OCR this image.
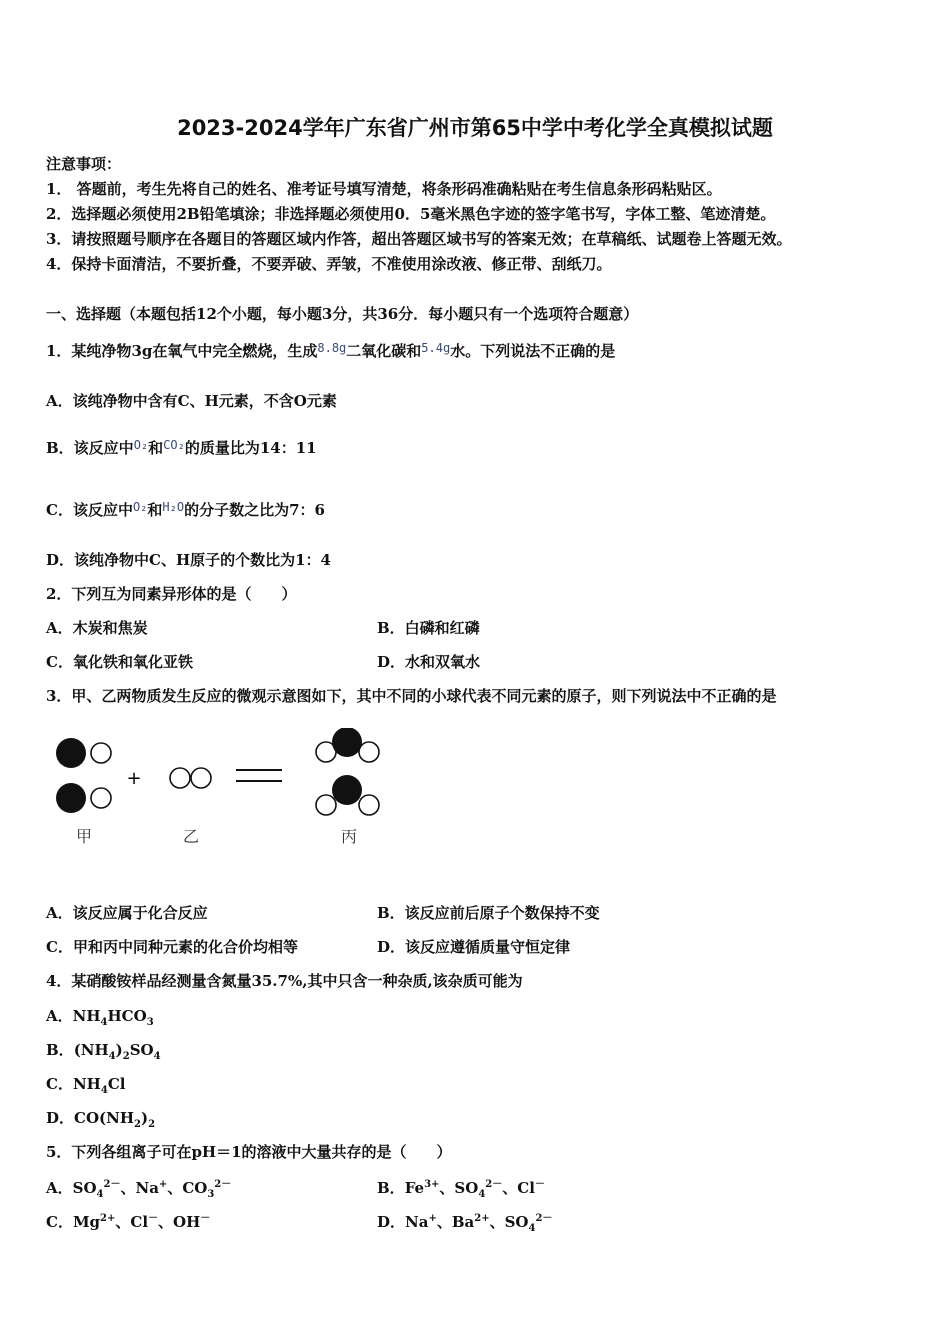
2023-2024学年广东省广州市第65中学中考化学全真模拟试题
注意事项：
1． 答题前，考生先将自己的姓名、准考证号填写清楚，将条形码准确粘贴在考生信息条形码粘贴区。
2．选择题必须使用2B铅笔填涂；非选择题必须使用0．5毫米黑色字迹的签字笔书写，字体工整、笔迹清楚。
3．请按照题号顺序在各题目的答题区域内作答，超出答题区域书写的答案无效；在草稿纸、试题卷上答题无效。
4．保持卡面清洁，不要折叠，不要弄破、弄皱，不准使用涂改液、修正带、刮纸刀。
一、选择题（本题包括12个小题，每小题3分，共36分．每小题只有一个选项符合题意）
1．某纯净物3g在氧气中完全燃烧，生成$^{8.8g}$二氧化碳和$^{5.4g}$水。下列说法不正确的是
A．该纯净物中含有C、H元素，不含O元素
B．该反应中$^{O_2}$和$^{CO_2}$的质量比为14：11
C．该反应中$^{O_2}$和$^{H_2O}$的分子数之比为7：6
D．该纯净物中C、H原子的个数比为1：4
2．下列互为同素异形体的是（　　）
A．木炭和焦炭	B．白磷和红磷
C．氧化铁和氧化亚铁	D．水和双氧水
3．甲、乙两物质发生反应的微观示意图如下，其中不同的小球代表不同元素的原子，则下列说法中不正确的是
+
甲	乙	丙
A．该反应属于化合反应	B．该反应前后原子个数保持不变
C．甲和丙中同种元素的化合价均相等	D．该反应遵循质量守恒定律
4．某硝酸铵样品经测量含氮量35.7%,其中只含一种杂质,该杂质可能为
A．$NH_4HCO_3$
B．$(NH_4)_2SO_4$
C．$NH_4Cl$
D．$CO(NH_2)_2$
5．下列各组离子可在pH＝1的溶液中大量共存的是（　　）
A．$SO_4^{2-}$、Na+、$CO_3^{2-}$	B．$Fe^{3+}$、$SO_4^{2-}$、Cl－
C．$Mg^{2+}$、Cl－、OH－	D．Na+、$Ba^{2+}$、$SO_4^{2-}$
